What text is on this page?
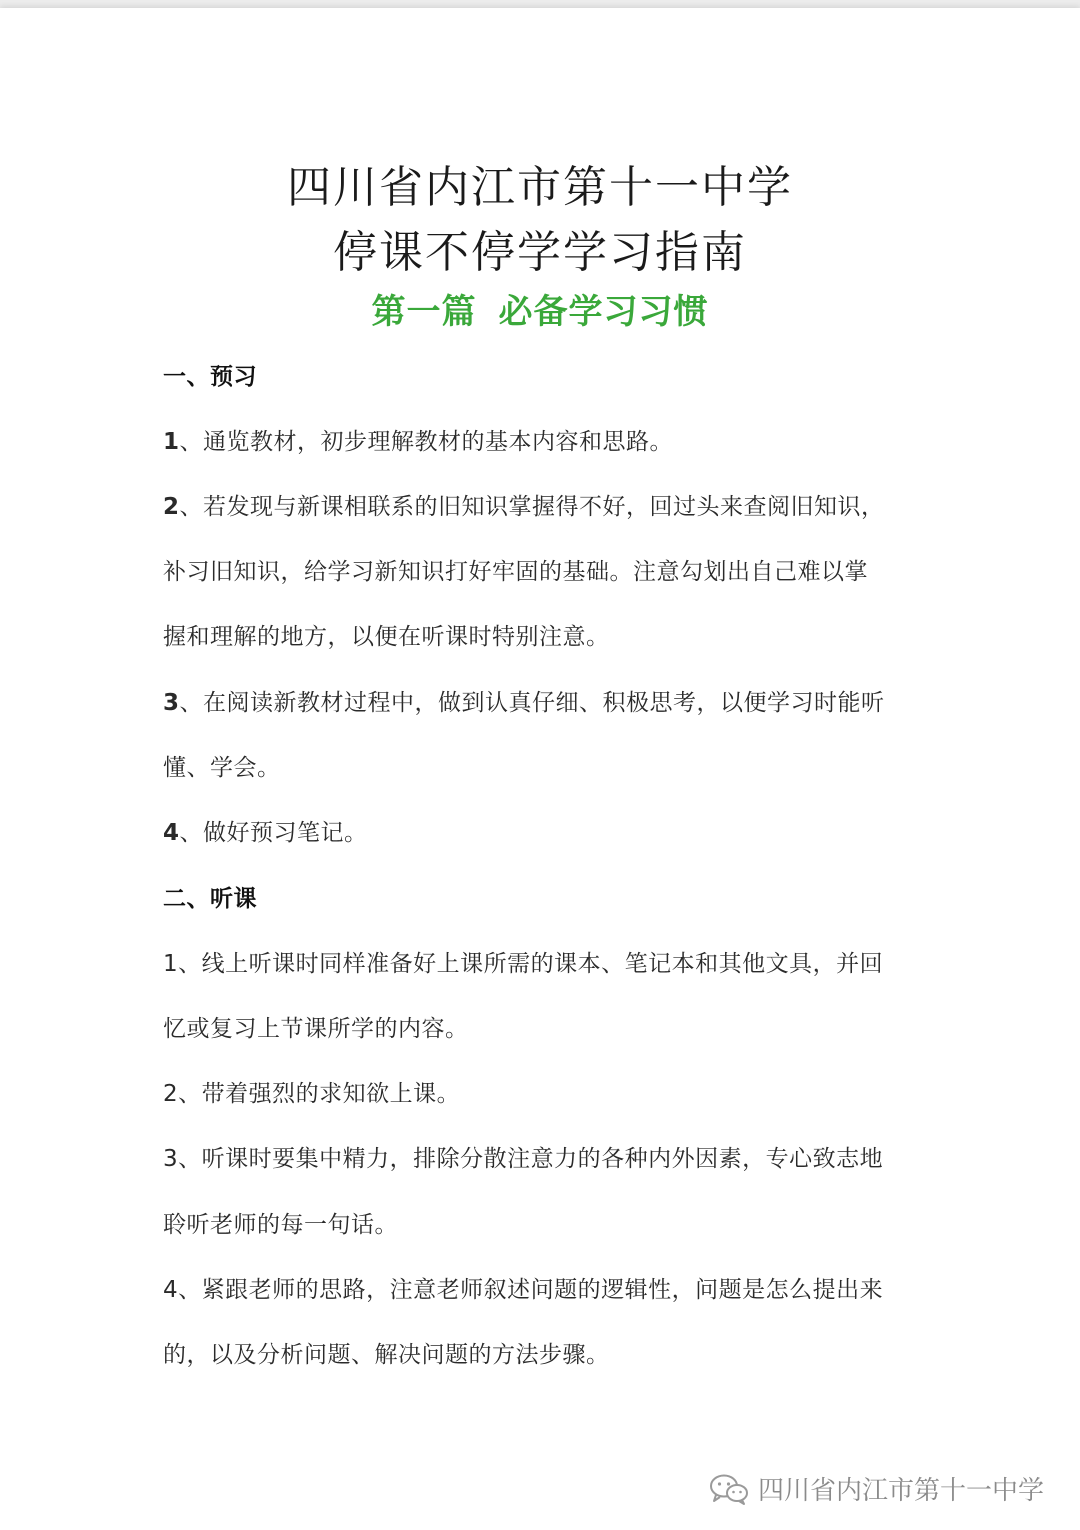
四川省内江市第十一中学
停课不停学学习指南
第一篇 必备学习习惯
一、预习
1、通览教材，初步理解教材的基本内容和思路。
2、若发现与新课相联系的旧知识掌握得不好，回过头来查阅旧知识，
补习旧知识，给学习新知识打好牢固的基础。注意勾划出自己难以掌
握和理解的地方，以便在听课时特别注意。
3、在阅读新教材过程中，做到认真仔细、积极思考，以便学习时能听
懂、学会。
4、做好预习笔记。
二、听课
1、线上听课时同样准备好上课所需的课本、笔记本和其他文具，并回
忆或复习上节课所学的内容。
2、带着强烈的求知欲上课。
3、听课时要集中精力，排除分散注意力的各种内外因素，专心致志地
聆听老师的每一句话。
4、紧跟老师的思路，注意老师叙述问题的逻辑性，问题是怎么提出来
的，以及分析问题、解决问题的方法步骤。
四川省内江市第十一中学
